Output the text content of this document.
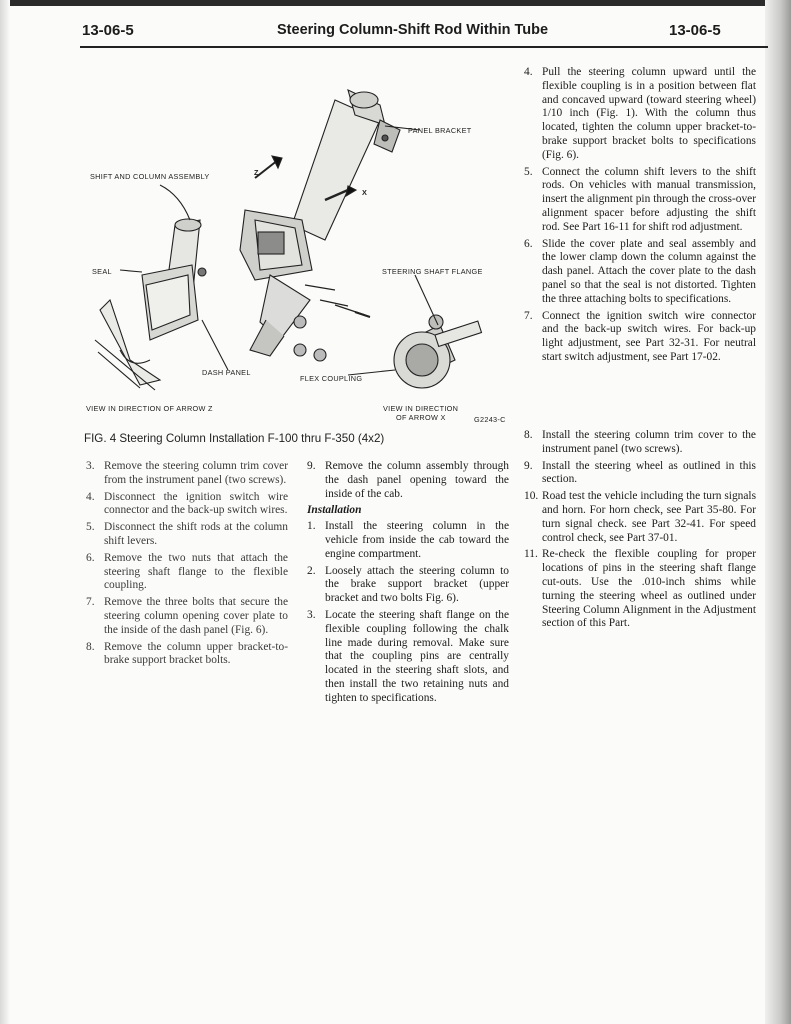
13-06-5	Steering Column-Shift Rod Within Tube	13-06-5
PANEL BRACKET
SHIFT AND COLUMN ASSEMBLY	Z
X
SEAL	STEERING SHAFT FLANGE
DASH PANEL
FLEX COUPLING
VIEW IN DIRECTION OF ARROW Z	VIEW IN DIRECTION
OF ARROW X	G2243-C
FIG. 4 Steering Column Installation F-100 thru F-350 (4x2)
3. Remove the steering column trim cover from the instrument panel (two screws).
4. Disconnect the ignition switch wire connector and the back-up switch wires.
5. Disconnect the shift rods at the column shift levers.
6. Remove the two nuts that attach the steering shaft flange to the flexible coupling.
7. Remove the three bolts that secure the steering column opening cover plate to the inside of the dash panel (Fig. 6).
8. Remove the column upper bracket-to-brake support bracket bolts.
9. Remove the column assembly through the dash panel opening toward the inside of the cab.
Installation
1. Install the steering column in the vehicle from inside the cab toward the engine compartment.
2. Loosely attach the steering column to the brake support bracket (upper bracket and two bolts Fig. 6).
3. Locate the steering shaft flange on the flexible coupling following the chalk line made during removal. Make sure that the coupling pins are centrally located in the steering shaft slots, and then install the two retaining nuts and tighten to specifications.
4. Pull the steering column upward until the flexible coupling is in a position between flat and concaved upward (toward steering wheel) 1/10 inch (Fig. 1). With the column thus located, tighten the column upper bracket-to-brake support bracket bolts to specifications (Fig. 6).
5. Connect the column shift levers to the shift rods. On vehicles with manual transmission, insert the alignment pin through the cross-over alignment spacer before adjusting the shift rod. See Part 16-11 for shift rod adjustment.
6. Slide the cover plate and seal assembly and the lower clamp down the column against the dash panel. Attach the cover plate to the dash panel so that the seal is not distorted. Tighten the three attaching bolts to specifications.
7. Connect the ignition switch wire connector and the back-up switch wires. For back-up light adjustment, see Part 32-31. For neutral start switch adjustment, see Part 17-02.
8. Install the steering column trim cover to the instrument panel (two screws).
9. Install the steering wheel as outlined in this section.
10. Road test the vehicle including the turn signals and horn. For horn check, see Part 35-80. For turn signal check. see Part 32-41. For speed control check, see Part 37-01.
11. Re-check the flexible coupling for proper locations of pins in the steering shaft flange cut-outs. Use the .010-inch shims while turning the steering wheel as outlined under Steering Column Alignment in the Adjustment section of this Part.
